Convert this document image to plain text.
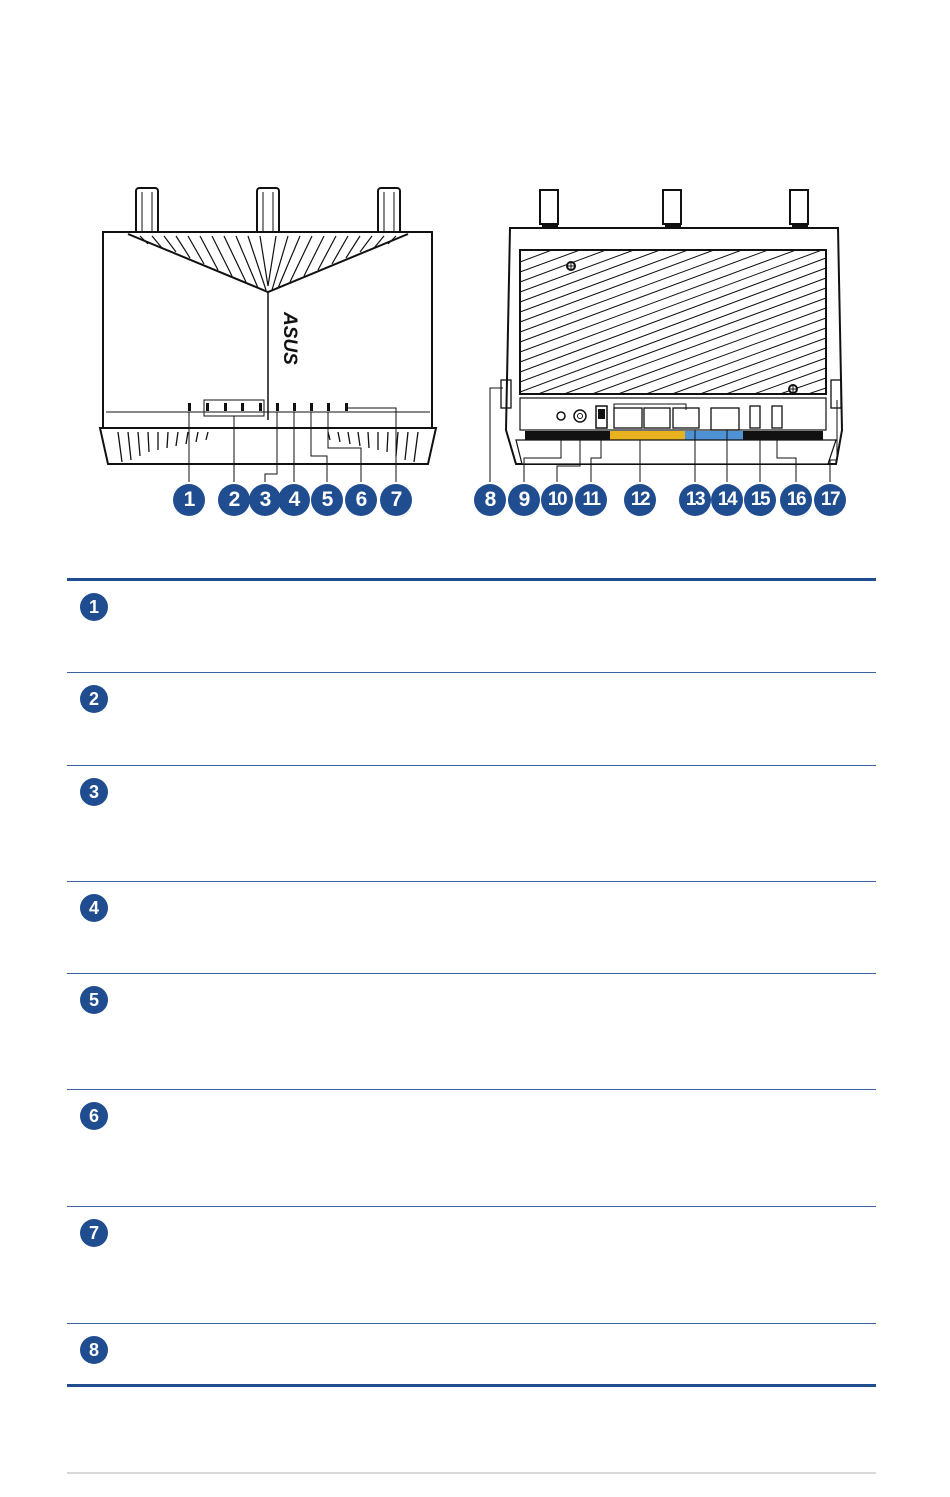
ASUS
1	2 3 4	5	6	7	8	9 10 11	12	13 14 15 16 17
1
2
3
4
5
6
7
8
